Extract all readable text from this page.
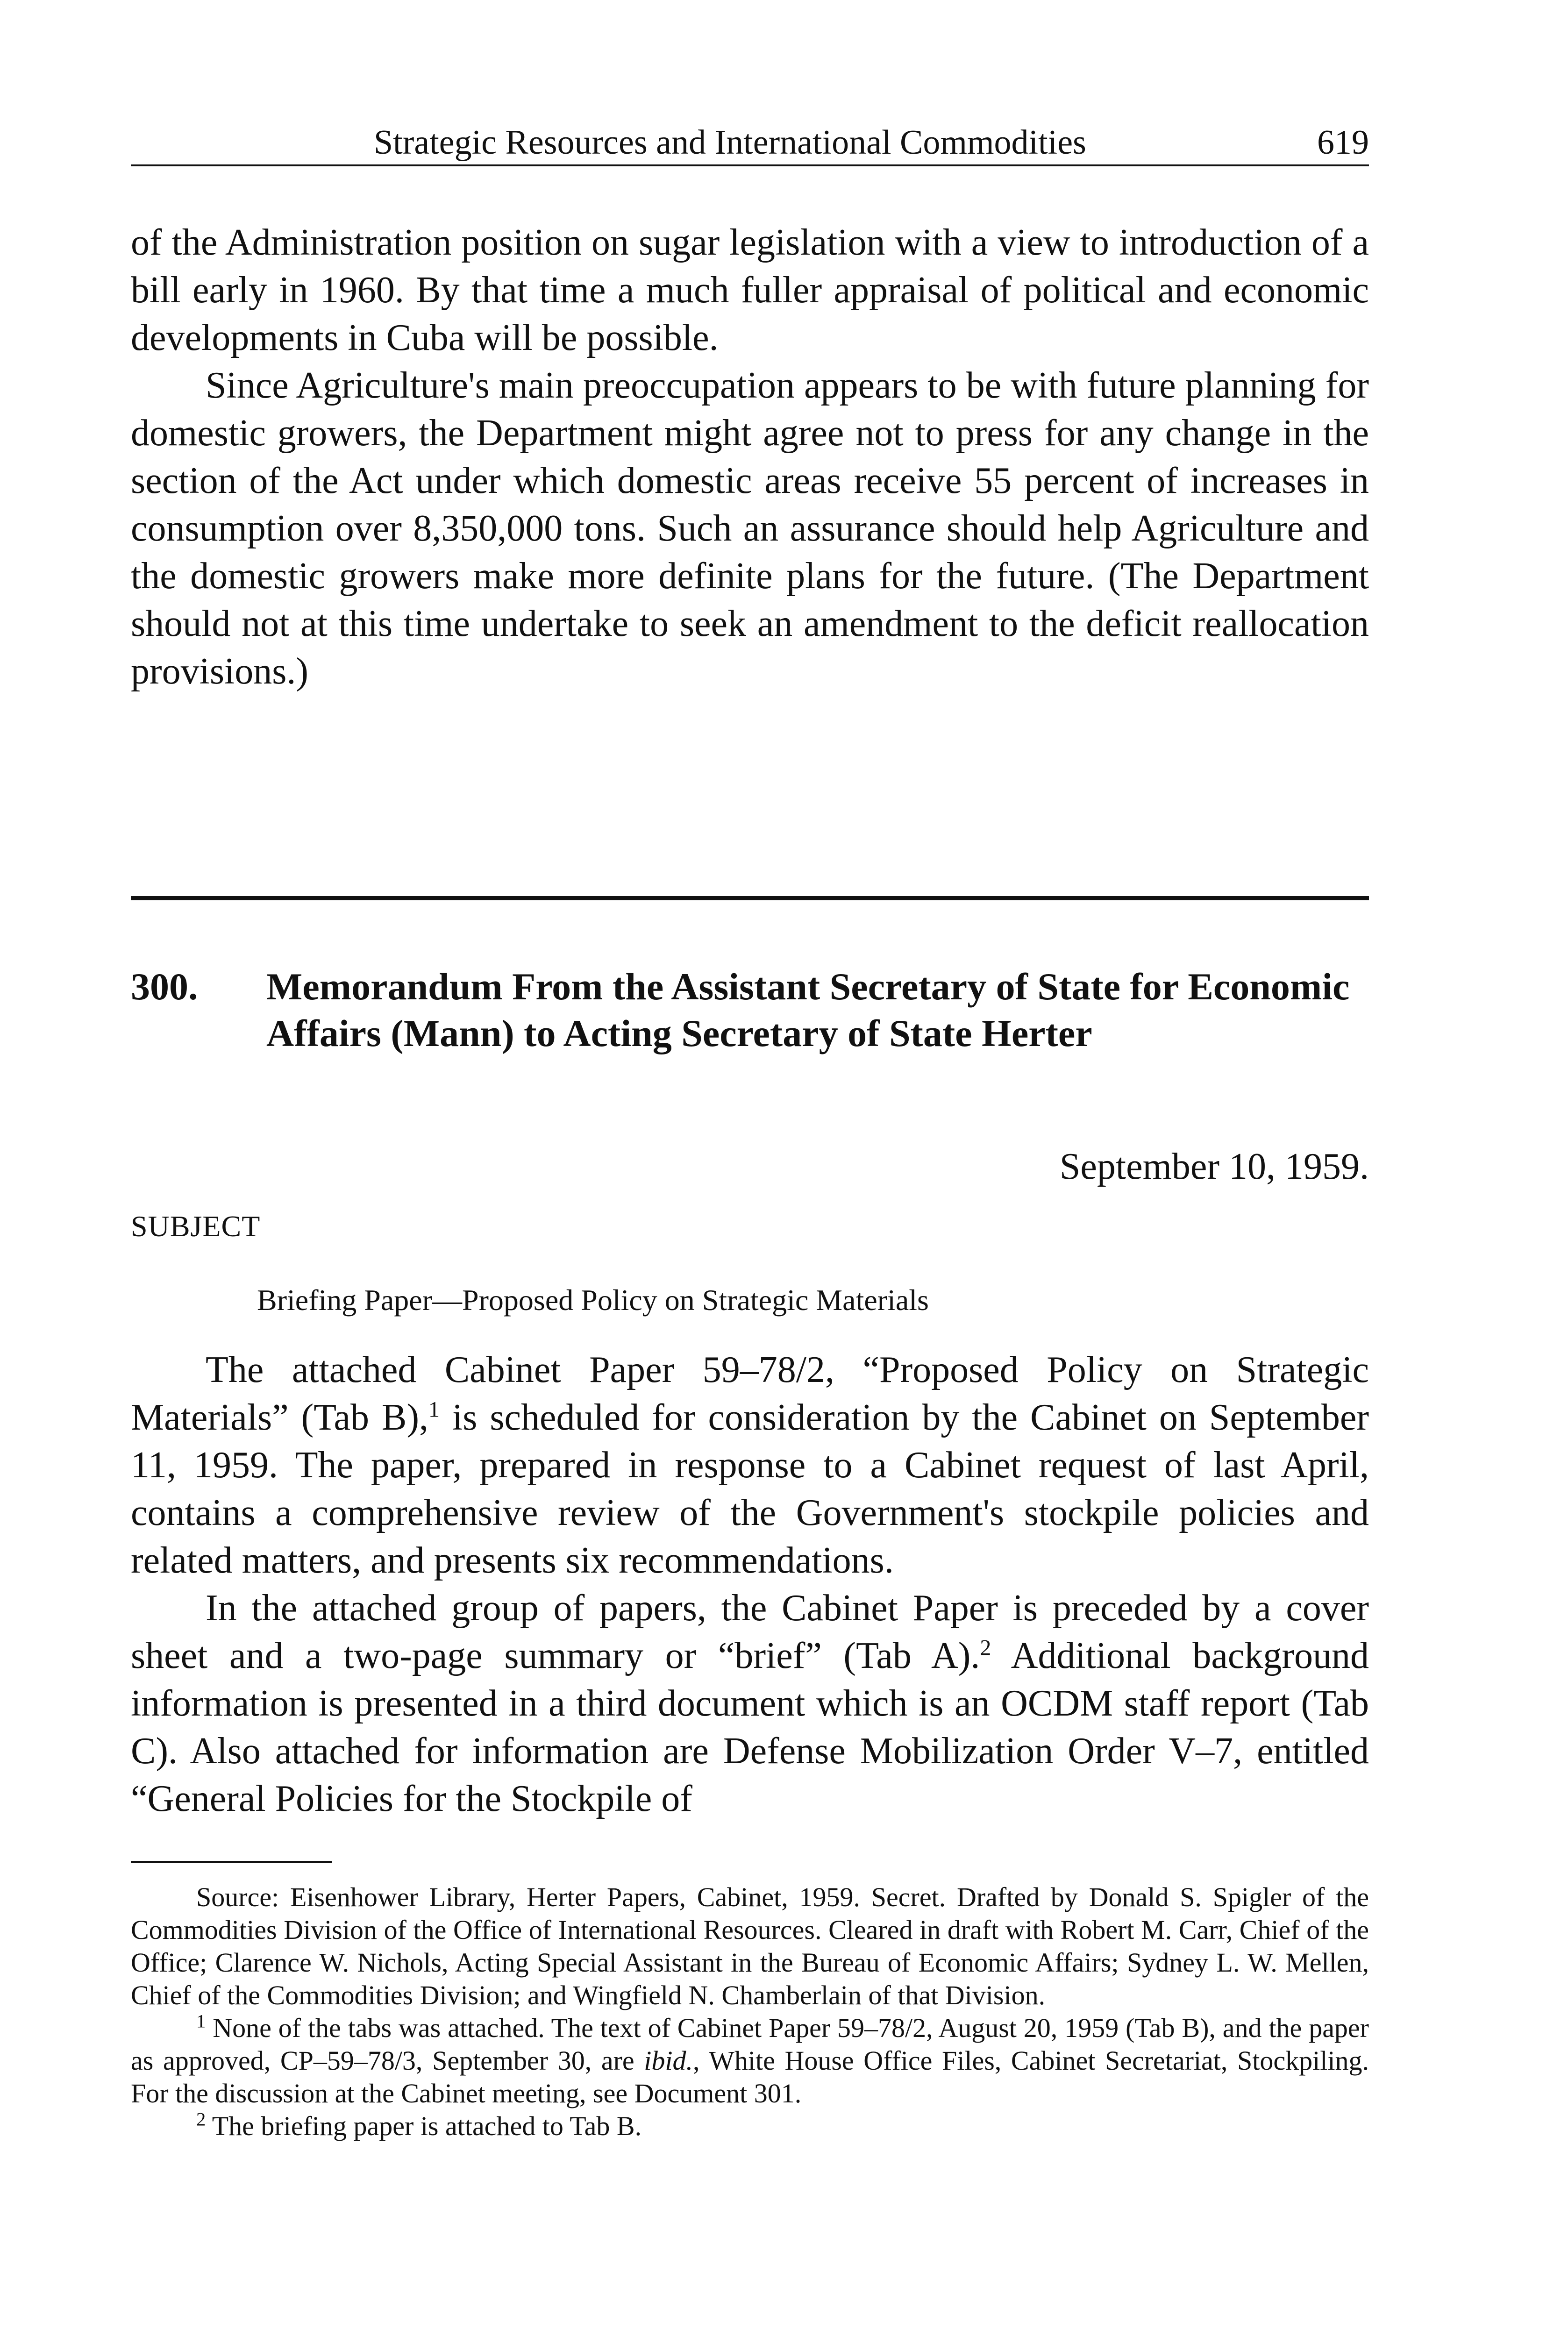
Strategic Resources and International Commodities	619

of the Administration position on sugar legislation with a view to introduction of a bill early in 1960. By that time a much fuller appraisal of political and economic developments in Cuba will be possible.

Since Agriculture's main preoccupation appears to be with future planning for domestic growers, the Department might agree not to press for any change in the section of the Act under which domestic areas receive 55 percent of increases in consumption over 8,350,000 tons. Such an assurance should help Agriculture and the domestic growers make more definite plans for the future. (The Department should not at this time undertake to seek an amendment to the deficit reallocation provisions.)

300.	Memorandum From the Assistant Secretary of State for Economic Affairs (Mann) to Acting Secretary of State Herter
September 10, 1959.
SUBJECT
Briefing Paper—Proposed Policy on Strategic Materials

The attached Cabinet Paper 59–78/2, “Proposed Policy on Strategic Materials” (Tab B),$^1$ is scheduled for consideration by the Cabinet on September 11, 1959. The paper, prepared in response to a Cabinet request of last April, contains a comprehensive review of the Government's stockpile policies and related matters, and presents six recommendations.

In the attached group of papers, the Cabinet Paper is preceded by a cover sheet and a two-page summary or “brief” (Tab A).$^2$ Additional background information is presented in a third document which is an OCDM staff report (Tab C). Also attached for information are Defense Mobilization Order V–7, entitled “General Policies for the Stockpile of

Source: Eisenhower Library, Herter Papers, Cabinet, 1959. Secret. Drafted by Donald S. Spigler of the Commodities Division of the Office of International Resources. Cleared in draft with Robert M. Carr, Chief of the Office; Clarence W. Nichols, Acting Special Assistant in the Bureau of Economic Affairs; Sydney L. W. Mellen, Chief of the Commodities Division; and Wingfield N. Chamberlain of that Division.

$^1$ None of the tabs was attached. The text of Cabinet Paper 59–78/2, August 20, 1959 (Tab B), and the paper as approved, CP–59–78/3, September 30, are ibid., White House Office Files, Cabinet Secretariat, Stockpiling. For the discussion at the Cabinet meeting, see Document 301.

$^2$ The briefing paper is attached to Tab B.
